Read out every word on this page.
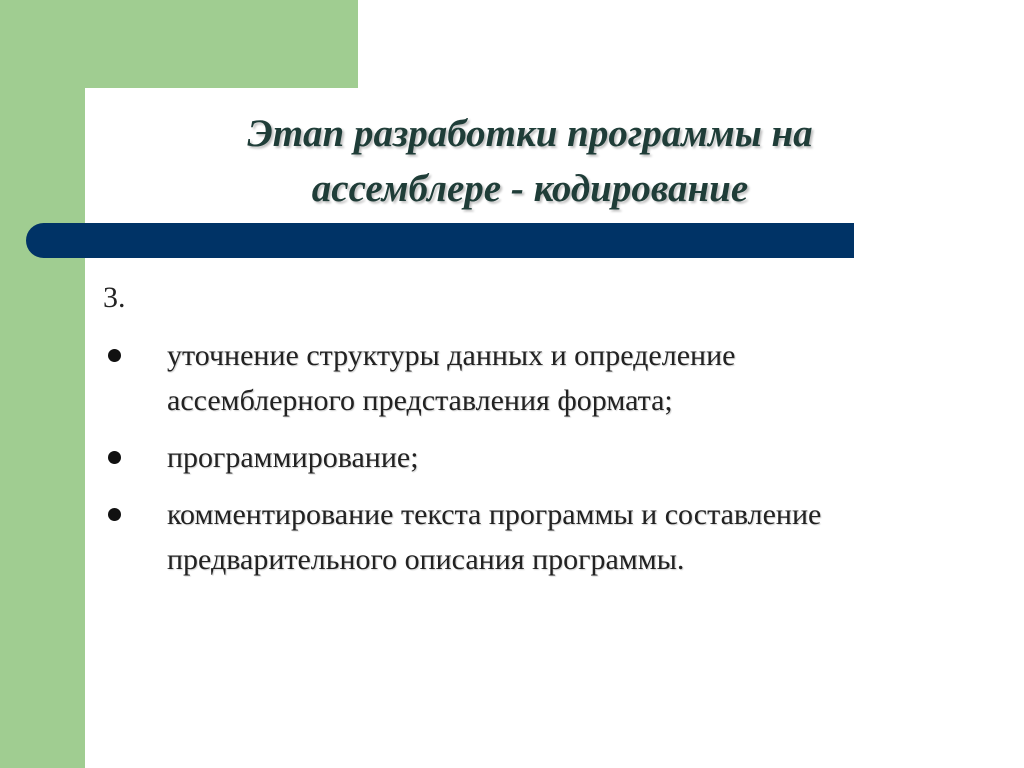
Этап разработки программы на
ассемблере - кодирование
3.
уточнение структуры данных и определение ассемблерного представления формата;
программирование;
комментирование текста программы и составление предварительного описания программы.
